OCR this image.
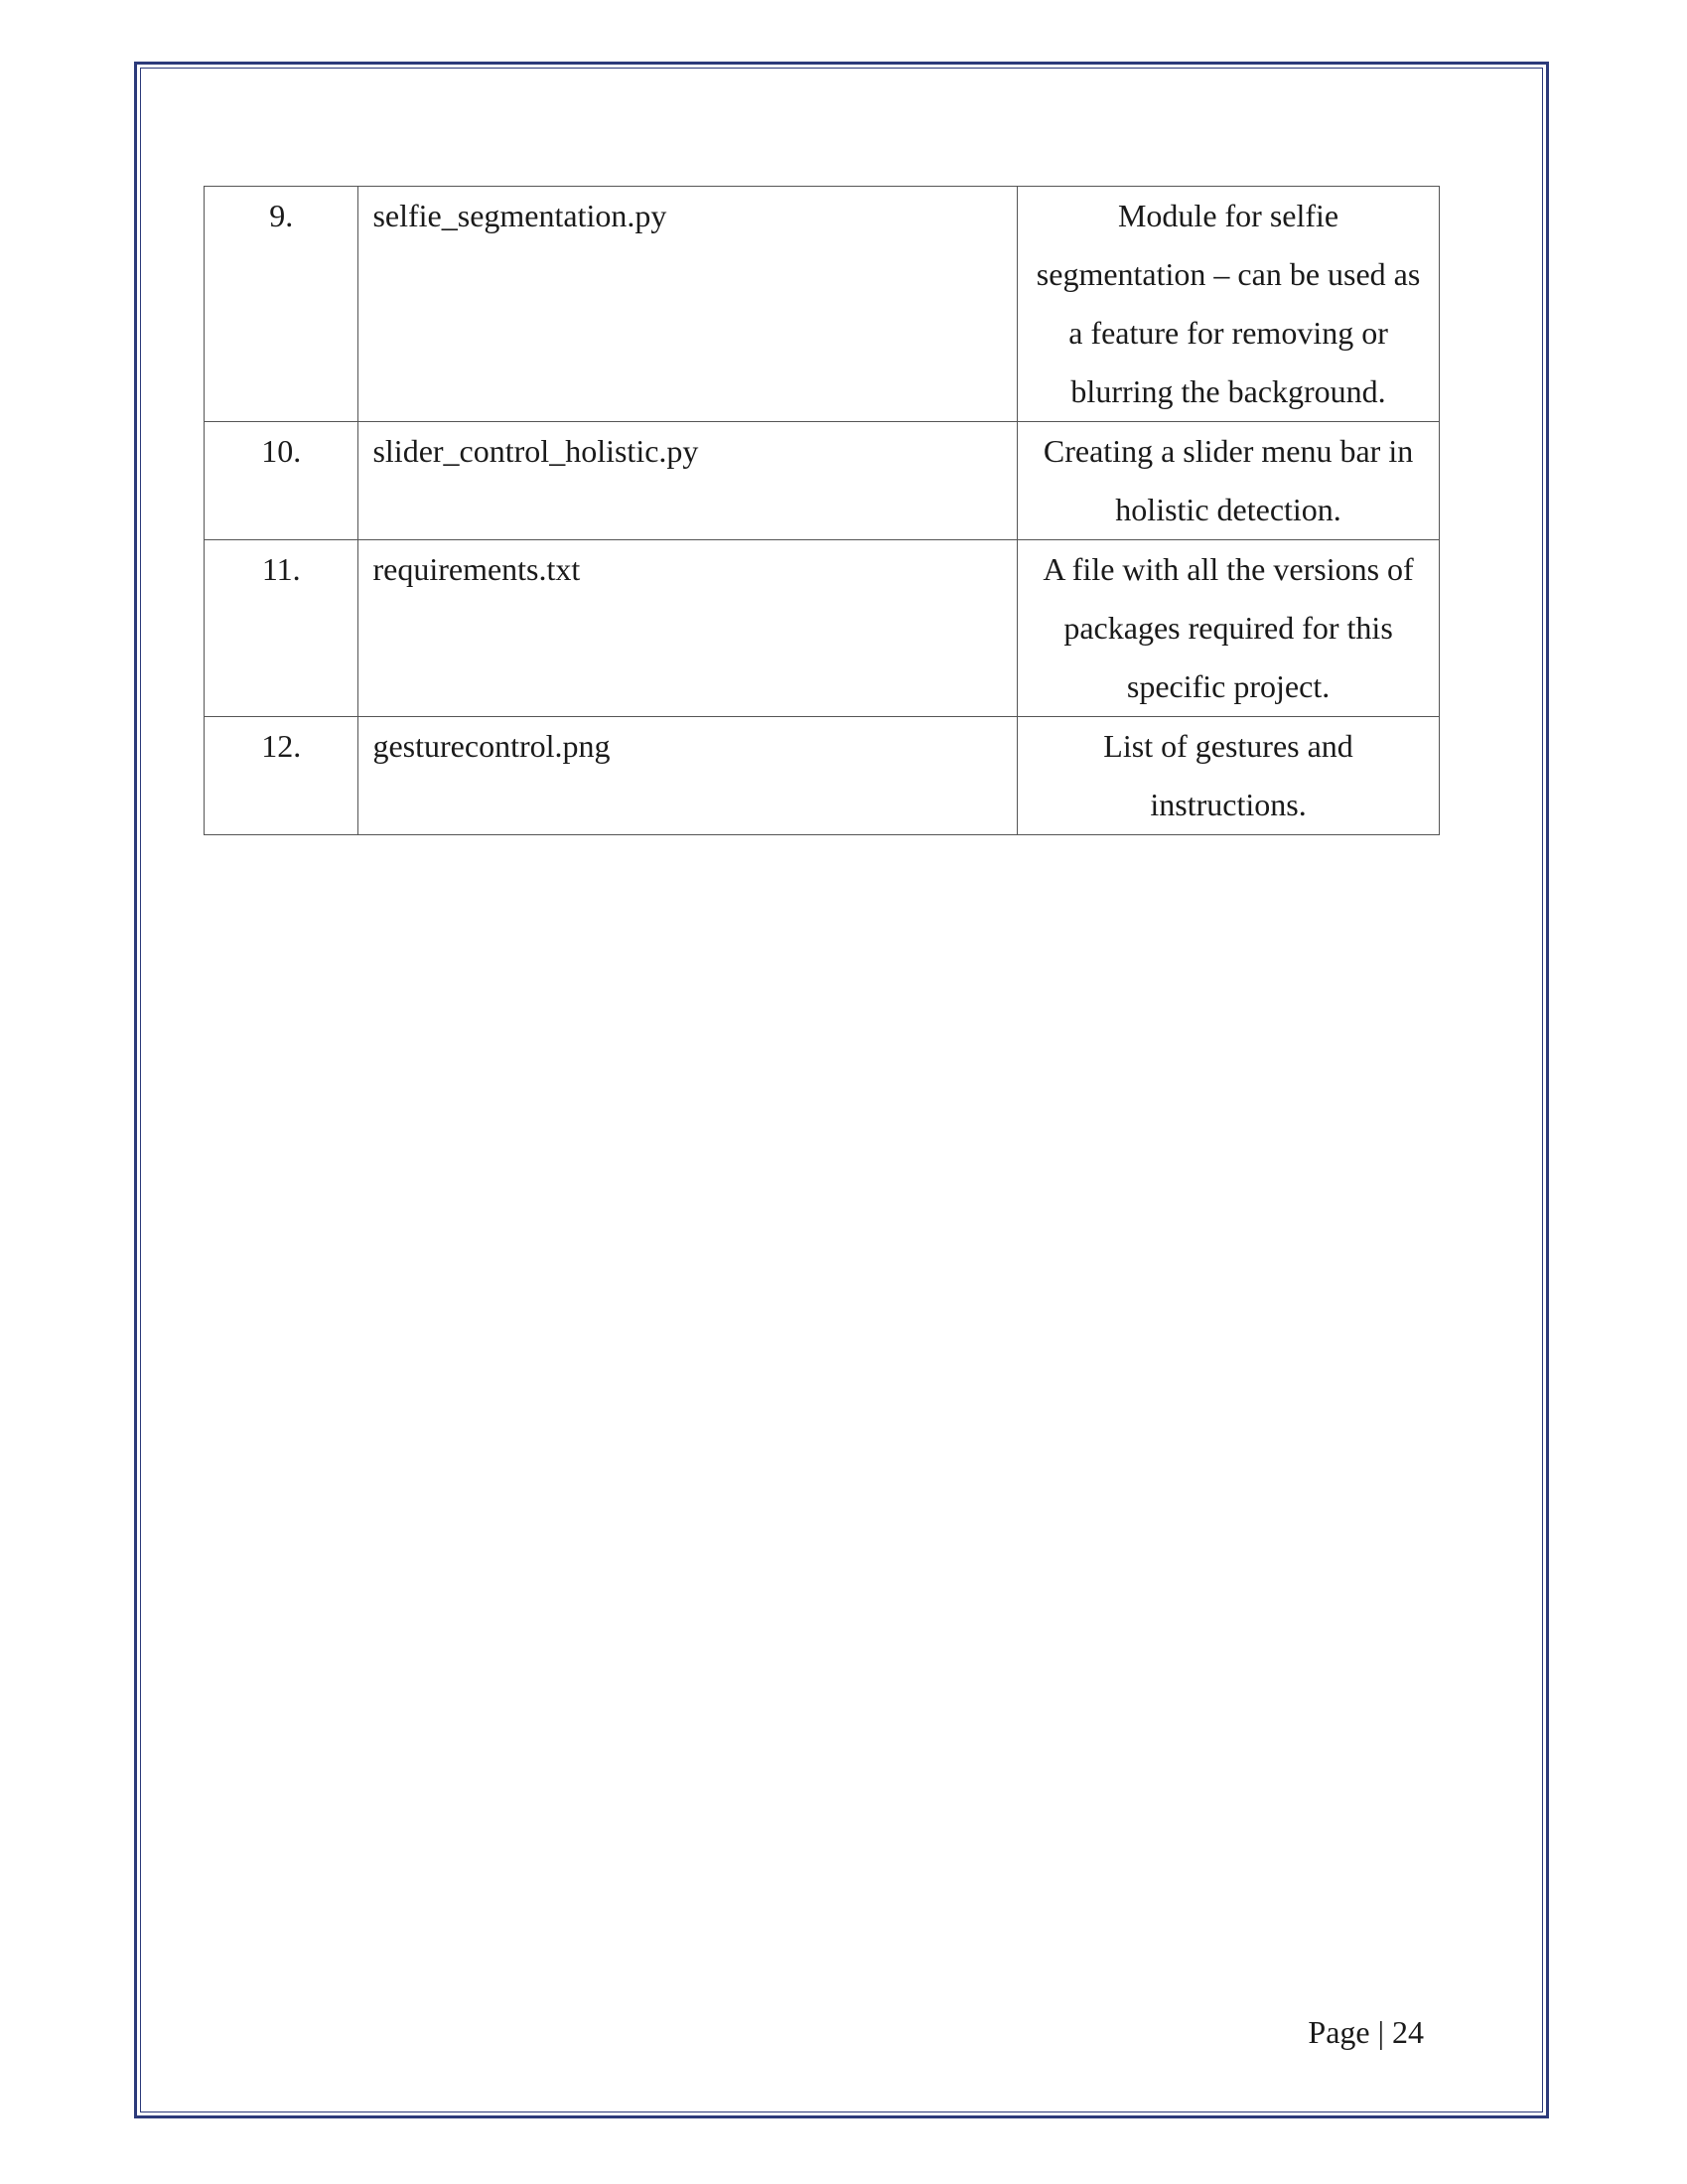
9.	selfie_segmentation.py	Module for selfie segmentation – can be used as a feature for removing or blurring the background.
10.	slider_control_holistic.py	Creating a slider menu bar in holistic detection.
11.	requirements.txt	A file with all the versions of packages required for this specific project.
12.	gesturecontrol.png	List of gestures and instructions.
Page | 24
